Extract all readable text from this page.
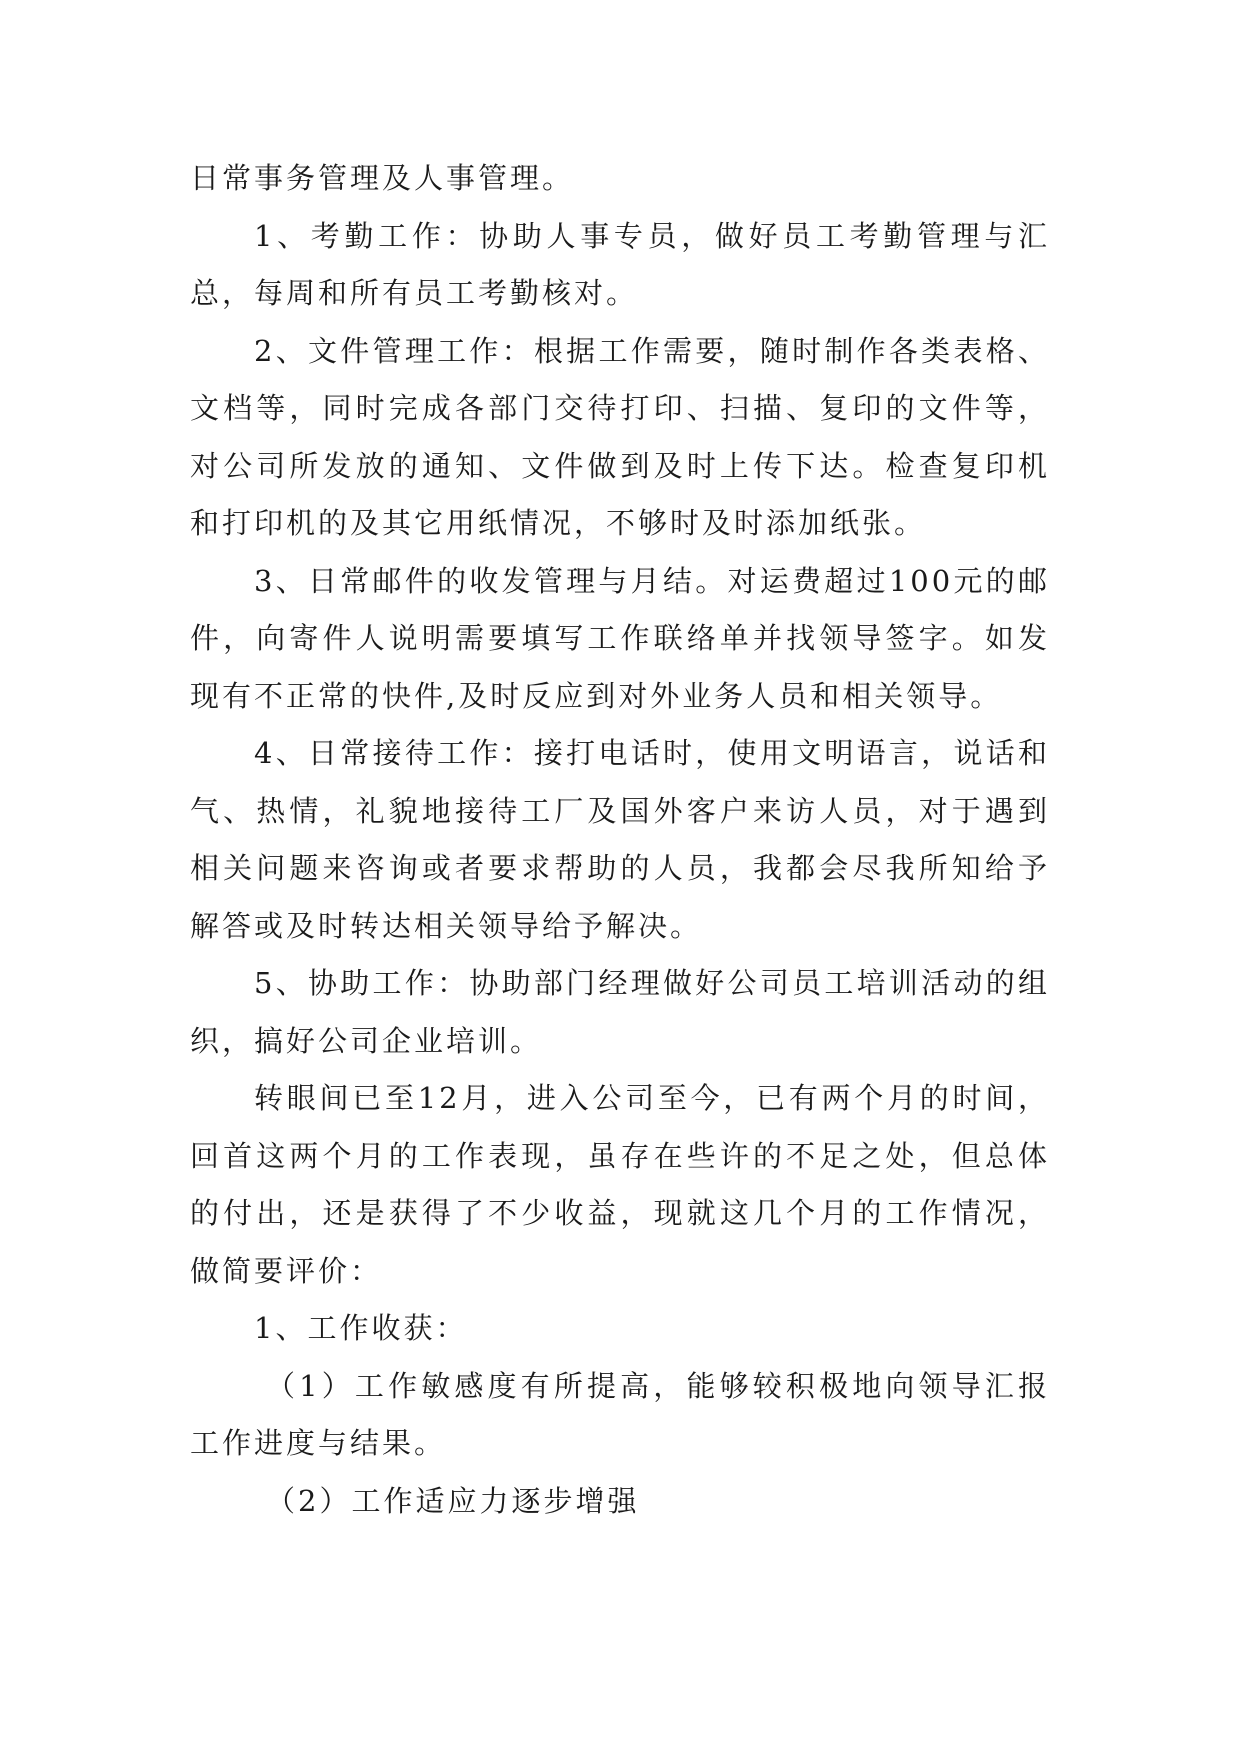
日常事务管理及人事管理。

1、考勤工作：协助人事专员，做好员工考勤管理与汇总，每周和所有员工考勤核对。

2、文件管理工作：根据工作需要，随时制作各类表格、文档等，同时完成各部门交待打印、扫描、复印的文件等，对公司所发放的通知、文件做到及时上传下达。检查复印机和打印机的及其它用纸情况，不够时及时添加纸张。

3、日常邮件的收发管理与月结。对运费超过100元的邮件，向寄件人说明需要填写工作联络单并找领导签字。如发现有不正常的快件,及时反应到对外业务人员和相关领导。

4、日常接待工作：接打电话时，使用文明语言，说话和气、热情，礼貌地接待工厂及国外客户来访人员，对于遇到相关问题来咨询或者要求帮助的人员，我都会尽我所知给予解答或及时转达相关领导给予解决。

5、协助工作：协助部门经理做好公司员工培训活动的组织，搞好公司企业培训。

转眼间已至12月，进入公司至今，已有两个月的时间，回首这两个月的工作表现，虽存在些许的不足之处，但总体的付出，还是获得了不少收益，现就这几个月的工作情况，做简要评价：

1、工作收获：

（1）工作敏感度有所提高，能够较积极地向领导汇报工作进度与结果。

（2）工作适应力逐步增强
